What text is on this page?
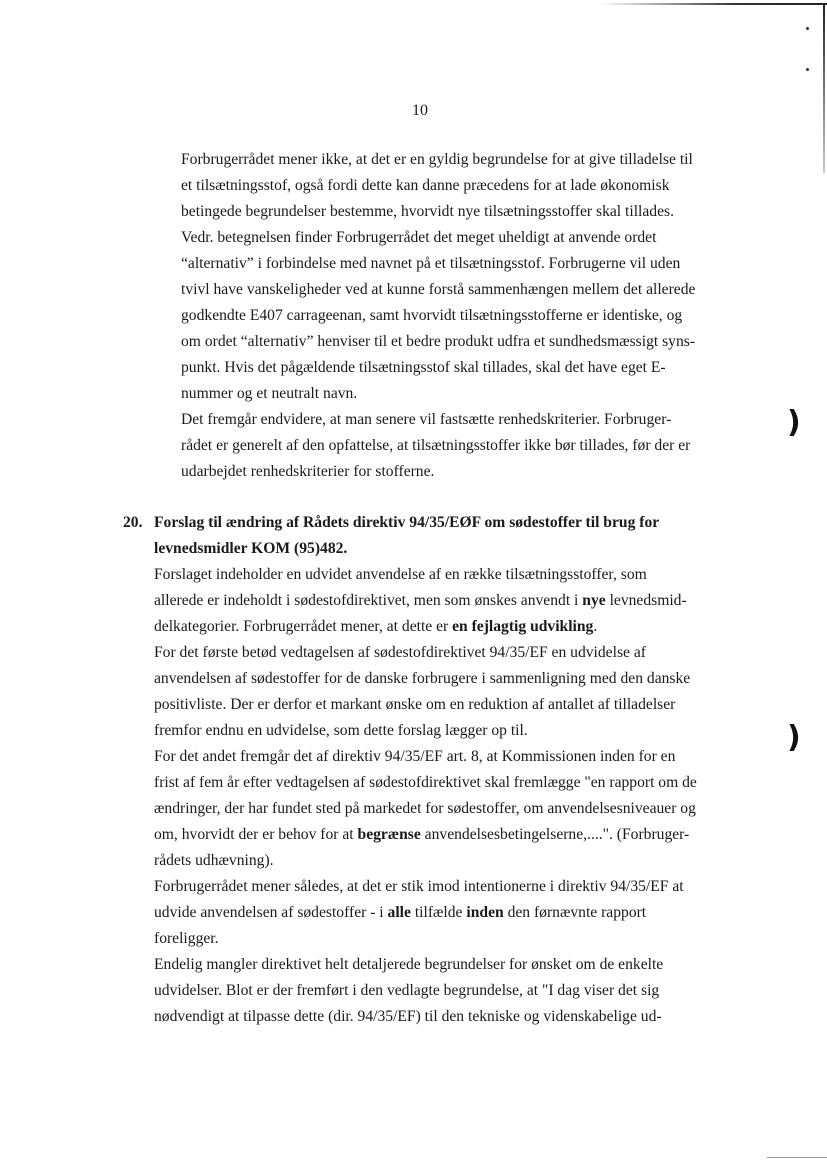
)
)
10
Forbrugerrådet mener ikke, at det er en gyldig begrundelse for at give tilladelse til
et tilsætningsstof, også fordi dette kan danne præcedens for at lade økonomisk
betingede begrundelser bestemme, hvorvidt nye tilsætningsstoffer skal tillades.
Vedr. betegnelsen finder Forbrugerrådet det meget uheldigt at anvende ordet
“alternativ” i forbindelse med navnet på et tilsætningsstof. Forbrugerne vil uden
tvivl have vanskeligheder ved at kunne forstå sammenhængen mellem det allerede
godkendte E407 carrageenan, samt hvorvidt tilsætningsstofferne er identiske, og
om ordet “alternativ” henviser til et bedre produkt udfra et sundhedsmæssigt syns-
punkt. Hvis det pågældende tilsætningsstof skal tillades, skal det have eget E-
nummer og et neutralt navn.
Det fremgår endvidere, at man senere vil fastsætte renhedskriterier. Forbruger-
rådet er generelt af den opfattelse, at tilsætningsstoffer ikke bør tillades, før der er
udarbejdet renhedskriterier for stofferne.
20. Forslag til ændring af Rådets direktiv 94/35/EØF om sødestoffer til brug for
levnedsmidler KOM (95)482.
Forslaget indeholder en udvidet anvendelse af en række tilsætningsstoffer, som
allerede er indeholdt i sødestofdirektivet, men som ønskes anvendt i nye levnedsmid-
delkategorier. Forbrugerrådet mener, at dette er en fejlagtig udvikling.
For det første betød vedtagelsen af sødestofdirektivet 94/35/EF en udvidelse af
anvendelsen af sødestoffer for de danske forbrugere i sammenligning med den danske
positivliste. Der er derfor et markant ønske om en reduktion af antallet af tilladelser
fremfor endnu en udvidelse, som dette forslag lægger op til.
For det andet fremgår det af direktiv 94/35/EF art. 8, at Kommissionen inden for en
frist af fem år efter vedtagelsen af sødestofdirektivet skal fremlægge "en rapport om de
ændringer, der har fundet sted på markedet for sødestoffer, om anvendelsesniveauer og
om, hvorvidt der er behov for at begrænse anvendelsesbetingelserne,....". (Forbruger-
rådets udhævning).
Forbrugerrådet mener således, at det er stik imod intentionerne i direktiv 94/35/EF at
udvide anvendelsen af sødestoffer - i alle tilfælde inden den førnævnte rapport
foreligger.
Endelig mangler direktivet helt detaljerede begrundelser for ønsket om de enkelte
udvidelser. Blot er der fremført i den vedlagte begrundelse, at "I dag viser det sig
nødvendigt at tilpasse dette (dir. 94/35/EF) til den tekniske og videnskabelige ud-
